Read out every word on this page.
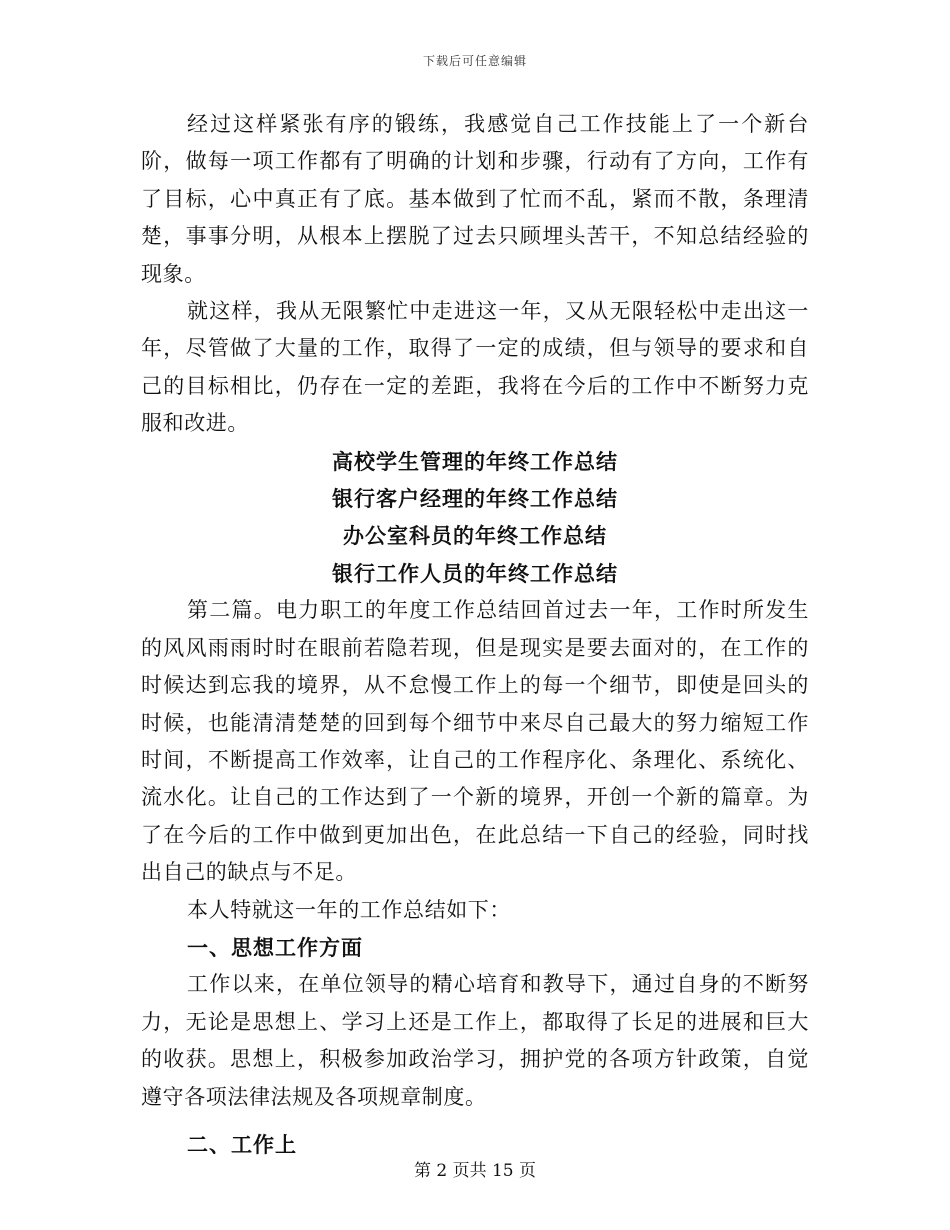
下载后可任意编辑

经过这样紧张有序的锻练，我感觉自己工作技能上了一个新台阶，做每一项工作都有了明确的计划和步骤，行动有了方向，工作有了目标，心中真正有了底。基本做到了忙而不乱，紧而不散，条理清楚，事事分明，从根本上摆脱了过去只顾埋头苦干，不知总结经验的现象。

就这样，我从无限繁忙中走进这一年，又从无限轻松中走出这一年，尽管做了大量的工作，取得了一定的成绩，但与领导的要求和自己的目标相比，仍存在一定的差距，我将在今后的工作中不断努力克服和改进。

高校学生管理的年终工作总结

银行客户经理的年终工作总结

办公室科员的年终工作总结

银行工作人员的年终工作总结

第二篇。电力职工的年度工作总结回首过去一年，工作时所发生的风风雨雨时时在眼前若隐若现，但是现实是要去面对的，在工作的时候达到忘我的境界，从不怠慢工作上的每一个细节，即使是回头的时候，也能清清楚楚的回到每个细节中来尽自己最大的努力缩短工作时间，不断提高工作效率，让自己的工作程序化、条理化、系统化、流水化。让自己的工作达到了一个新的境界，开创一个新的篇章。为了在今后的工作中做到更加出色，在此总结一下自己的经验，同时找出自己的缺点与不足。

本人特就这一年的工作总结如下：

一、思想工作方面

工作以来，在单位领导的精心培育和教导下，通过自身的不断努力，无论是思想上、学习上还是工作上，都取得了长足的进展和巨大的收获。思想上，积极参加政治学习，拥护党的各项方针政策，自觉遵守各项法律法规及各项规章制度。

二、工作上

第 2 页共 15 页
